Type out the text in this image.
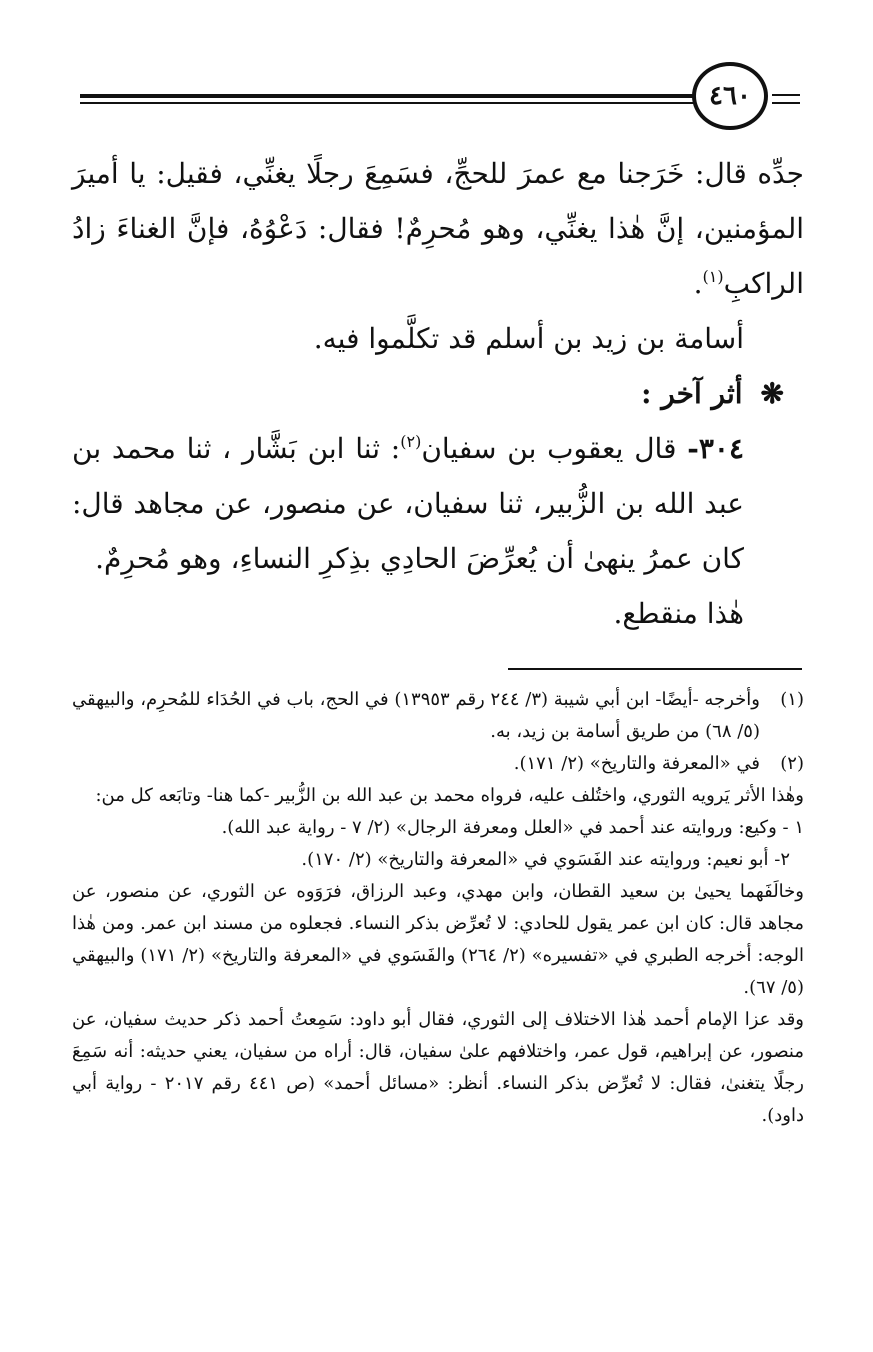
٤٦٠

جدِّه قال: خَرَجنا مع عمرَ للحجِّ، فسَمِعَ رجلًا يغنِّي، فقيل: يا أميرَ المؤمنين، إنَّ هٰذا يغنِّي، وهو مُحرِمٌ! فقال: دَعْوُهُ، فإنَّ الغناءَ زادُ الراكبِ$^{(١)}$.

أسامة بن زيد بن أسلم قد تكلَّموا فيه.

❋أثر آخر :

٣٠٤- قال يعقوب بن سفيان$^{(٢)}$: ثنا ابن بَشَّار ، ثنا محمد بن عبد الله بن الزُّبير، ثنا سفيان، عن منصور، عن مجاهد قال: كان عمرُ ينهىٰ أن يُعرِّضَ الحادِي بذِكرِ النساءِ، وهو مُحرِمٌ.

هٰذا منقطع.

(١)
وأخرجه -أيضًا- ابن أبي شيبة (٣/ ٢٤٤ رقم ١٣٩٥٣) في الحج، باب في الحُدَاء للمُحرِم، والبيهقي (٥/ ٦٨) من طريق أسامة بن زيد، به.
(٢)
في «المعرفة والتاريخ» (٢/ ١٧١).

وهٰذا الأثر يَرويه الثوري، واختُلف عليه، فرواه محمد بن عبد الله بن الزُّبير -كما هنا- وتابَعه كل من:

١ - وكيع: وروايته عند أحمد في «العلل ومعرفة الرجال» (٢/ ٧ - رواية عبد الله).

٢- أبو نعيم: وروايته عند الفَسَوي في «المعرفة والتاريخ» (٢/ ١٧٠).

وخالَفَهما يحيىٰ بن سعيد القطان، وابن مهدي، وعبد الرزاق، فرَوَوه عن الثوري، عن منصور، عن مجاهد قال: كان ابن عمر يقول للحادي: لا تُعرِّض بذكر النساء. فجعلوه من مسند ابن عمر. ومن هٰذا الوجه: أخرجه الطبري في «تفسيره» (٢/ ٢٦٤) والفَسَوي في «المعرفة والتاريخ» (٢/ ١٧١) والبيهقي (٥/ ٦٧).

وقد عزا الإمام أحمد هٰذا الاختلاف إلى الثوري، فقال أبو داود: سَمِعتُ أحمد ذكر حديث سفيان، عن منصور، عن إبراهيم، قول عمر، واختلافهم علىٰ سفيان، قال: أراه من سفيان، يعني حديثه: أنه سَمِعَ رجلًا يتغنىٰ، فقال: لا تُعرِّض بذكر النساء. أنظر: «مسائل أحمد» (ص ٤٤١ رقم ٢٠١٧ - رواية أبي داود).
